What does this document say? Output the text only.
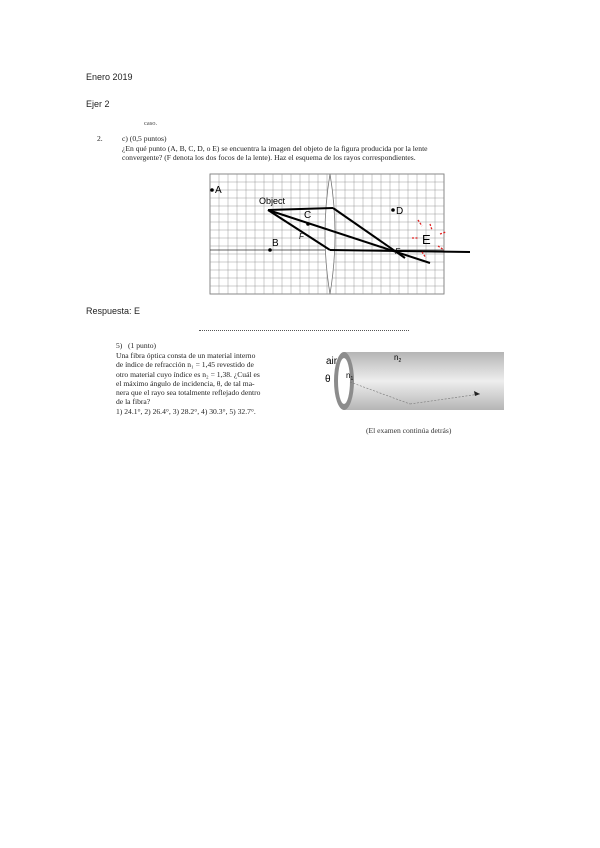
Enero 2019
Ejer 2
caso.
2.	c) (0,5 puntos)
¿En qué punto (A, B, C, D, o E) se encuentra la imagen del objeto de la figura producida por la lente
convergente? (F denota los dos focos de la lente). Haz el esquema de los rayos correspondientes.
A
B
C	D
F
F
Object
E
Respuesta: E
5) (1 punto)
Una fibra óptica consta de un material interno
de índice de refracción n₁ = 1,45 revestido de
otro material cuyo índice es n₂ = 1,38. ¿Cuál es
el máximo ángulo de incidencia, θ, de tal ma-
nera que el rayo sea totalmente reflejado dentro
de la fibra?
1) 24.1°, 2) 26.4°, 3) 28.2°, 4) 30.3°, 5) 32.7°.
air
θ $n_1$
$n_2$
(El examen continúa detrás)
